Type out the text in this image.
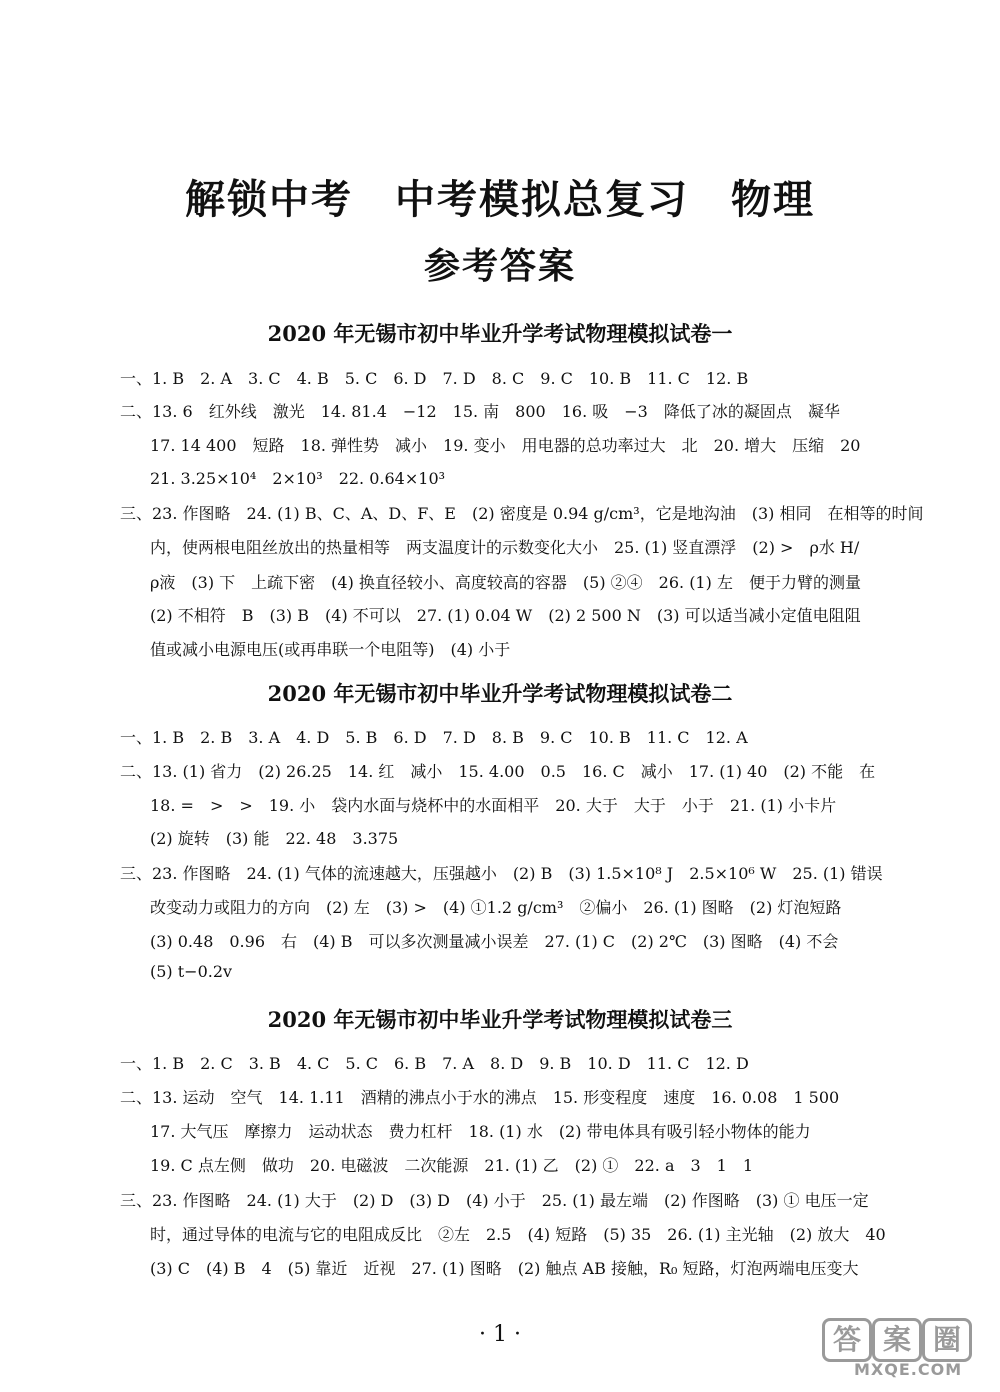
解锁中考　中考模拟总复习　物理
参考答案
2020 年无锡市初中毕业升学考试物理模拟试卷一
一、1. B　2. A　3. C　4. B　5. C　6. D　7. D　8. C　9. C　10. B　11. C　12. B
二、13. 6　红外线　激光　14. 81.4　−12　15. 南　800　16. 吸　−3　降低了冰的凝固点　凝华
17. 14 400　短路　18. 弹性势　减小　19. 变小　用电器的总功率过大　北　20. 增大　压缩　20
21. 3.25×10⁴　2×10³　22. 0.64×10³
三、23. 作图略　24. (1) B、C、A、D、F、E　(2) 密度是 0.94 g/cm³，它是地沟油　(3) 相同　在相等的时间
内，使两根电阻丝放出的热量相等　两支温度计的示数变化大小　25. (1) 竖直漂浮　(2) >　ρ水 H/
ρ液　(3) 下　上疏下密　(4) 换直径较小、高度较高的容器　(5) ②④　26. (1) 左　便于力臂的测量
(2) 不相符　B　(3) B　(4) 不可以　27. (1) 0.04 W　(2) 2 500 N　(3) 可以适当减小定值电阻阻
值或减小电源电压(或再串联一个电阻等)　(4) 小于
2020 年无锡市初中毕业升学考试物理模拟试卷二
一、1. B　2. B　3. A　4. D　5. B　6. D　7. D　8. B　9. C　10. B　11. C　12. A
二、13. (1) 省力　(2) 26.25　14. 红　减小　15. 4.00　0.5　16. C　减小　17. (1) 40　(2) 不能　在
18. =　>　>　19. 小　袋内水面与烧杯中的水面相平　20. 大于　大于　小于　21. (1) 小卡片
(2) 旋转　(3) 能　22. 48　3.375
三、23. 作图略　24. (1) 气体的流速越大，压强越小　(2) B　(3) 1.5×10⁸ J　2.5×10⁶ W　25. (1) 错误
改变动力或阻力的方向　(2) 左　(3) >　(4) ①1.2 g/cm³　②偏小　26. (1) 图略　(2) 灯泡短路
(3) 0.48　0.96　右　(4) B　可以多次测量减小误差　27. (1) C　(2) 2℃　(3) 图略　(4) 不会
(5) t−0.2v
2020 年无锡市初中毕业升学考试物理模拟试卷三
一、1. B　2. C　3. B　4. C　5. C　6. B　7. A　8. D　9. B　10. D　11. C　12. D
二、13. 运动　空气　14. 1.11　酒精的沸点小于水的沸点　15. 形变程度　速度　16. 0.08　1 500
17. 大气压　摩擦力　运动状态　费力杠杆　18. (1) 水　(2) 带电体具有吸引轻小物体的能力
19. C 点左侧　做功　20. 电磁波　二次能源　21. (1) 乙　(2) ①　22. a　3　1　1
三、23. 作图略　24. (1) 大于　(2) D　(3) D　(4) 小于　25. (1) 最左端　(2) 作图略　(3) ① 电压一定
时，通过导体的电流与它的电阻成反比　②左　2.5　(4) 短路　(5) 35　26. (1) 主光轴　(2) 放大　40
(3) C　(4) B　4　(5) 靠近　近视　27. (1) 图略　(2) 触点 AB 接触，R₀ 短路，灯泡两端电压变大
· 1 ·	答 案 圈
MXQE.COM
